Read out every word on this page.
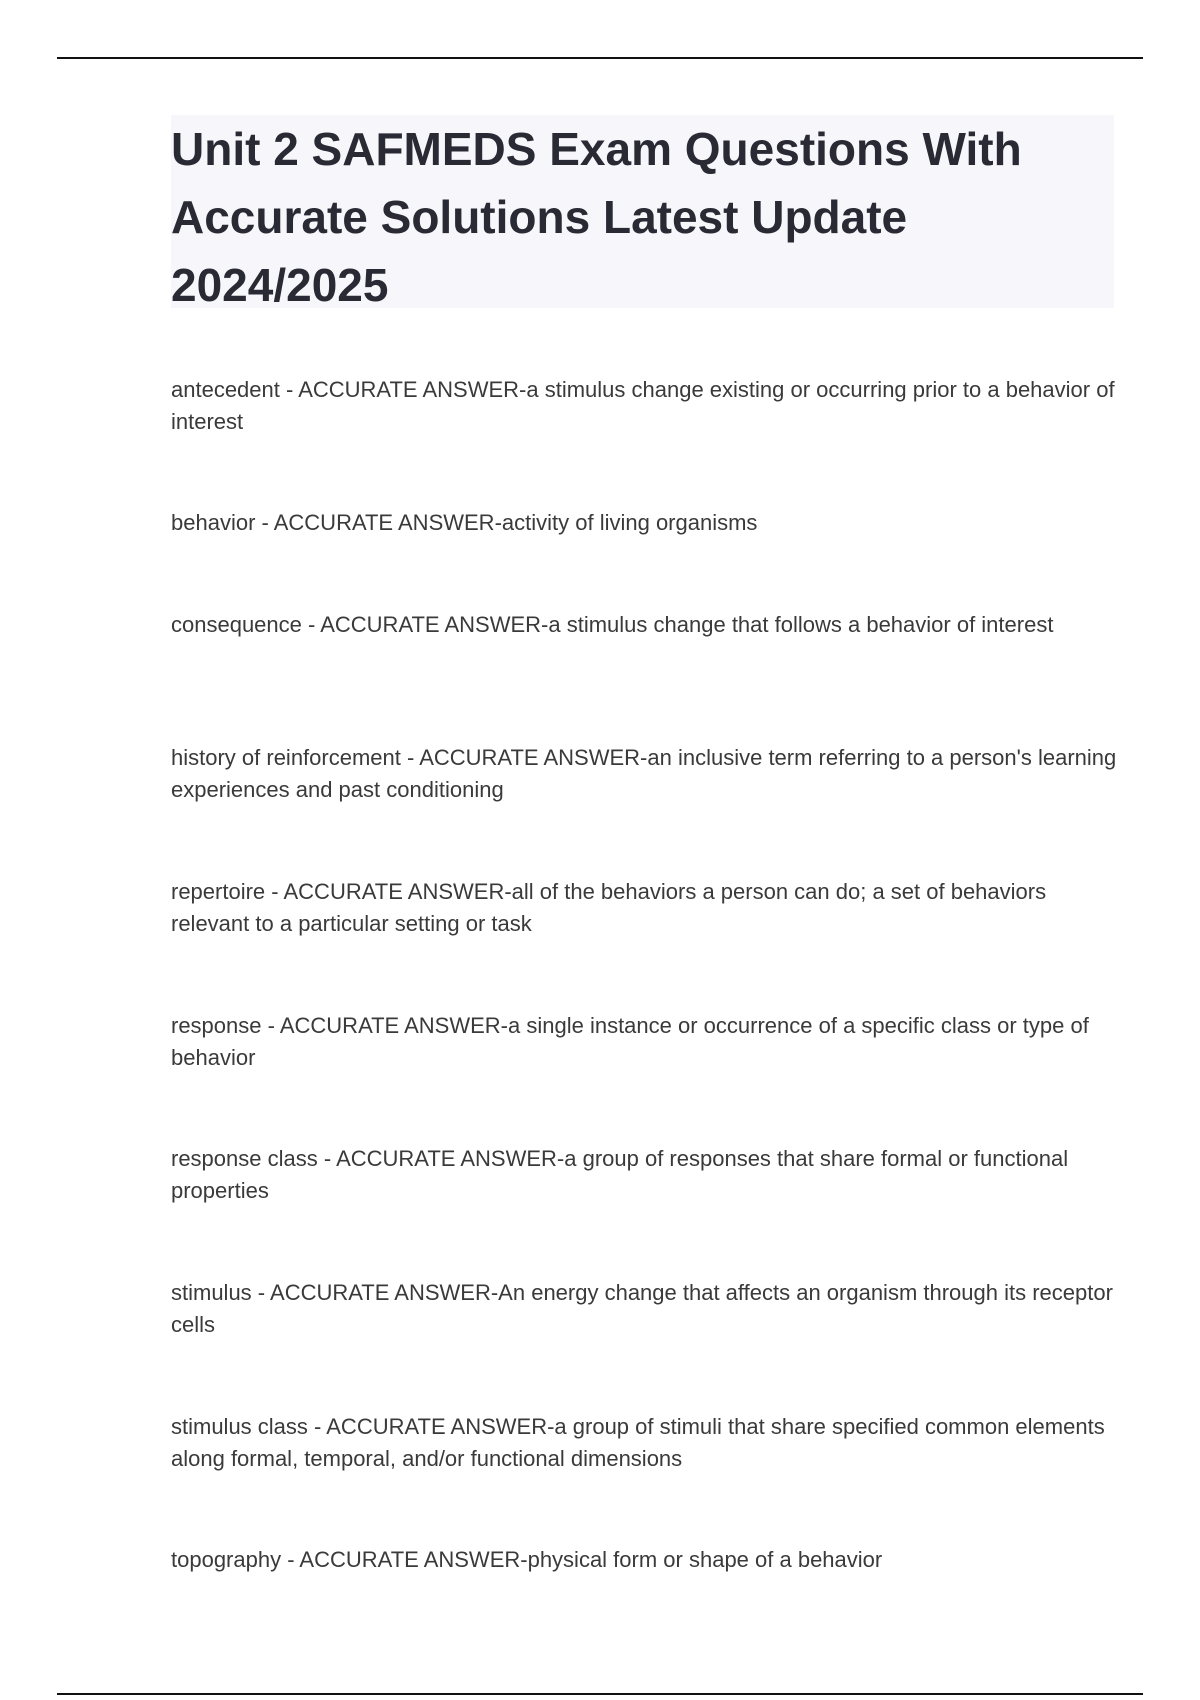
Unit 2 SAFMEDS Exam Questions With Accurate Solutions Latest Update 2024/2025
antecedent - ACCURATE ANSWER-a stimulus change existing or occurring prior to a behavior of interest
behavior - ACCURATE ANSWER-activity of living organisms
consequence - ACCURATE ANSWER-a stimulus change that follows a behavior of interest
history of reinforcement - ACCURATE ANSWER-an inclusive term referring to a person's learning experiences and past conditioning
repertoire - ACCURATE ANSWER-all of the behaviors a person can do; a set of behaviors relevant to a particular setting or task
response - ACCURATE ANSWER-a single instance or occurrence of a specific class or type of behavior
response class - ACCURATE ANSWER-a group of responses that share formal or functional properties
stimulus - ACCURATE ANSWER-An energy change that affects an organism through its receptor cells
stimulus class - ACCURATE ANSWER-a group of stimuli that share specified common elements along formal, temporal, and/or functional dimensions
topography - ACCURATE ANSWER-physical form or shape of a behavior
